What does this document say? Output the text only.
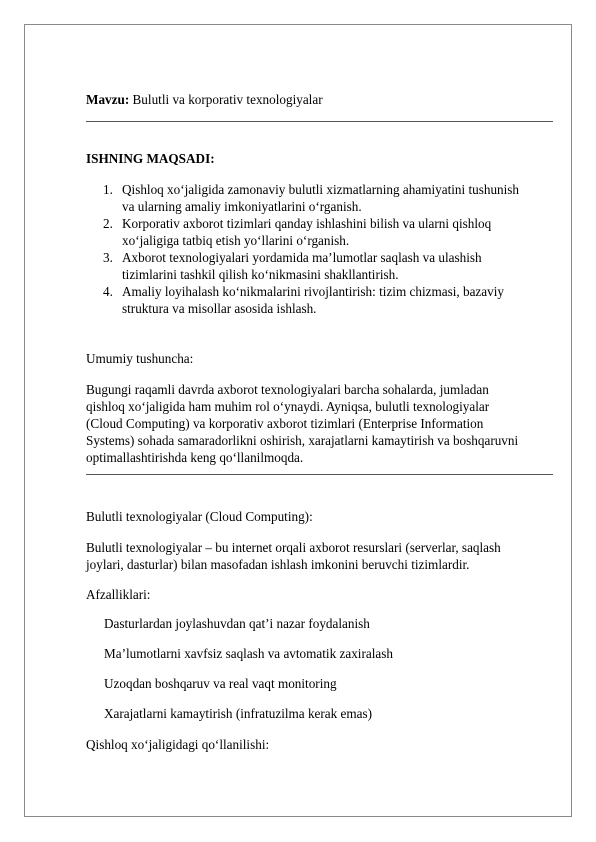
Mavzu: Bulutli va korporativ texnologiyalar
ISHNING MAQSADI:
1. Qishloq xo‘jaligida zamonaviy bulutli xizmatlarning ahamiyatini tushunish
va ularning amaliy imkoniyatlarini o‘rganish.
2. Korporativ axborot tizimlari qanday ishlashini bilish va ularni qishloq
xo‘jaligiga tatbiq etish yo‘llarini o‘rganish.
3. Axborot texnologiyalari yordamida ma’lumotlar saqlash va ulashish
tizimlarini tashkil qilish ko‘nikmasini shakllantirish.
4. Amaliy loyihalash ko‘nikmalarini rivojlantirish: tizim chizmasi, bazaviy
struktura va misollar asosida ishlash.
Umumiy tushuncha:
Bugungi raqamli davrda axborot texnologiyalari barcha sohalarda, jumladan
qishloq xo‘jaligida ham muhim rol o‘ynaydi. Ayniqsa, bulutli texnologiyalar
(Cloud Computing) va korporativ axborot tizimlari (Enterprise Information
Systems) sohada samaradorlikni oshirish, xarajatlarni kamaytirish va boshqaruvni
optimallashtirishda keng qo‘llanilmoqda.
Bulutli texnologiyalar (Cloud Computing):
Bulutli texnologiyalar – bu internet orqali axborot resurslari (serverlar, saqlash
joylari, dasturlar) bilan masofadan ishlash imkonini beruvchi tizimlardir.
Afzalliklari:
Dasturlardan joylashuvdan qat’i nazar foydalanish
Ma’lumotlarni xavfsiz saqlash va avtomatik zaxiralash
Uzoqdan boshqaruv va real vaqt monitoring
Xarajatlarni kamaytirish (infratuzilma kerak emas)
Qishloq xo‘jaligidagi qo‘llanilishi:
